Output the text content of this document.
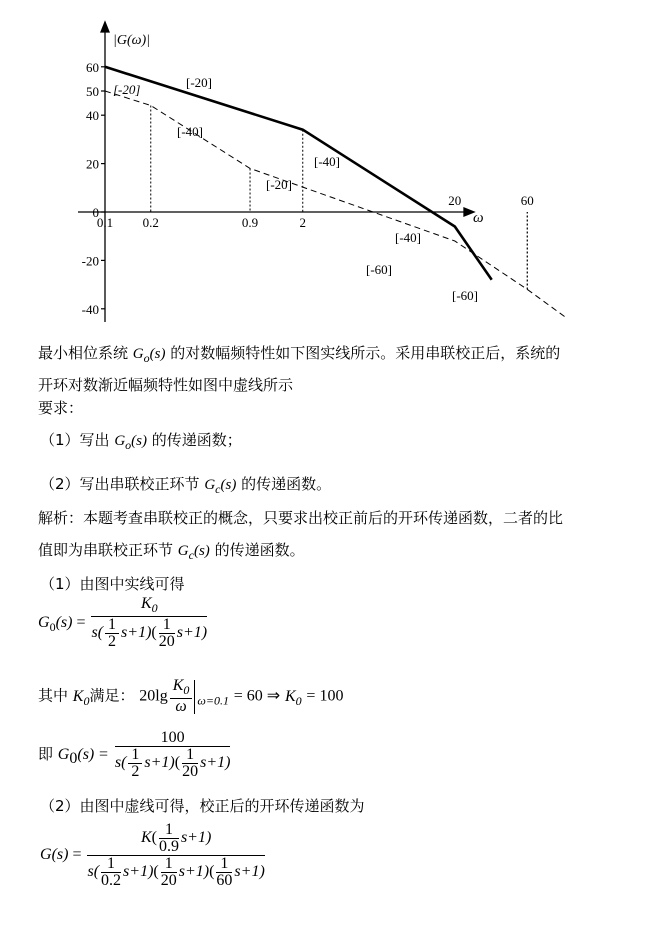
|G(ω)|
ω
60
50
40
20
0
-20
-40
0.1 0.2	0.9	2
20	60
[-20]
[-40]
[-60]
[-20]
[-40]
[-20]
[-40]
[-60]
最小相位系统 $G_o(s)$ 的对数幅频特性如下图实线所示。采用串联校正后，系统的
开环对数渐近幅频特性如图中虚线所示
要求：
（1）写出 $G_o(s)$ 的传递函数；
（2）写出串联校正环节 $G_c(s)$ 的传递函数。
解析：本题考查串联校正的概念，只要求出校正前后的开环传递函数，二者的比
值即为串联校正环节 $G_c(s)$ 的传递函数。
（1）由图中实线可得
$G_0(s) = \frac{K_0}{s( \frac{1}{2} s+1)( \frac{1}{20} s+1)}$
其中 $K_0$满足： $20\lg \frac{K_0}{\omega} _{\omega=0.1} = 60$ ⇒ $K_0 = 100$
即 $G_0(s) = \frac{100}{s( \frac{1}{2} s+1)( \frac{1}{20} s+1)}$
（2）由图中虚线可得，校正后的开环传递函数为
$G(s) = \frac{K( \frac{1}{0.9} s+1)}{s( \frac{1}{0.2} s+1)( \frac{1}{20} s+1)( \frac{1}{60} s+1)}$
